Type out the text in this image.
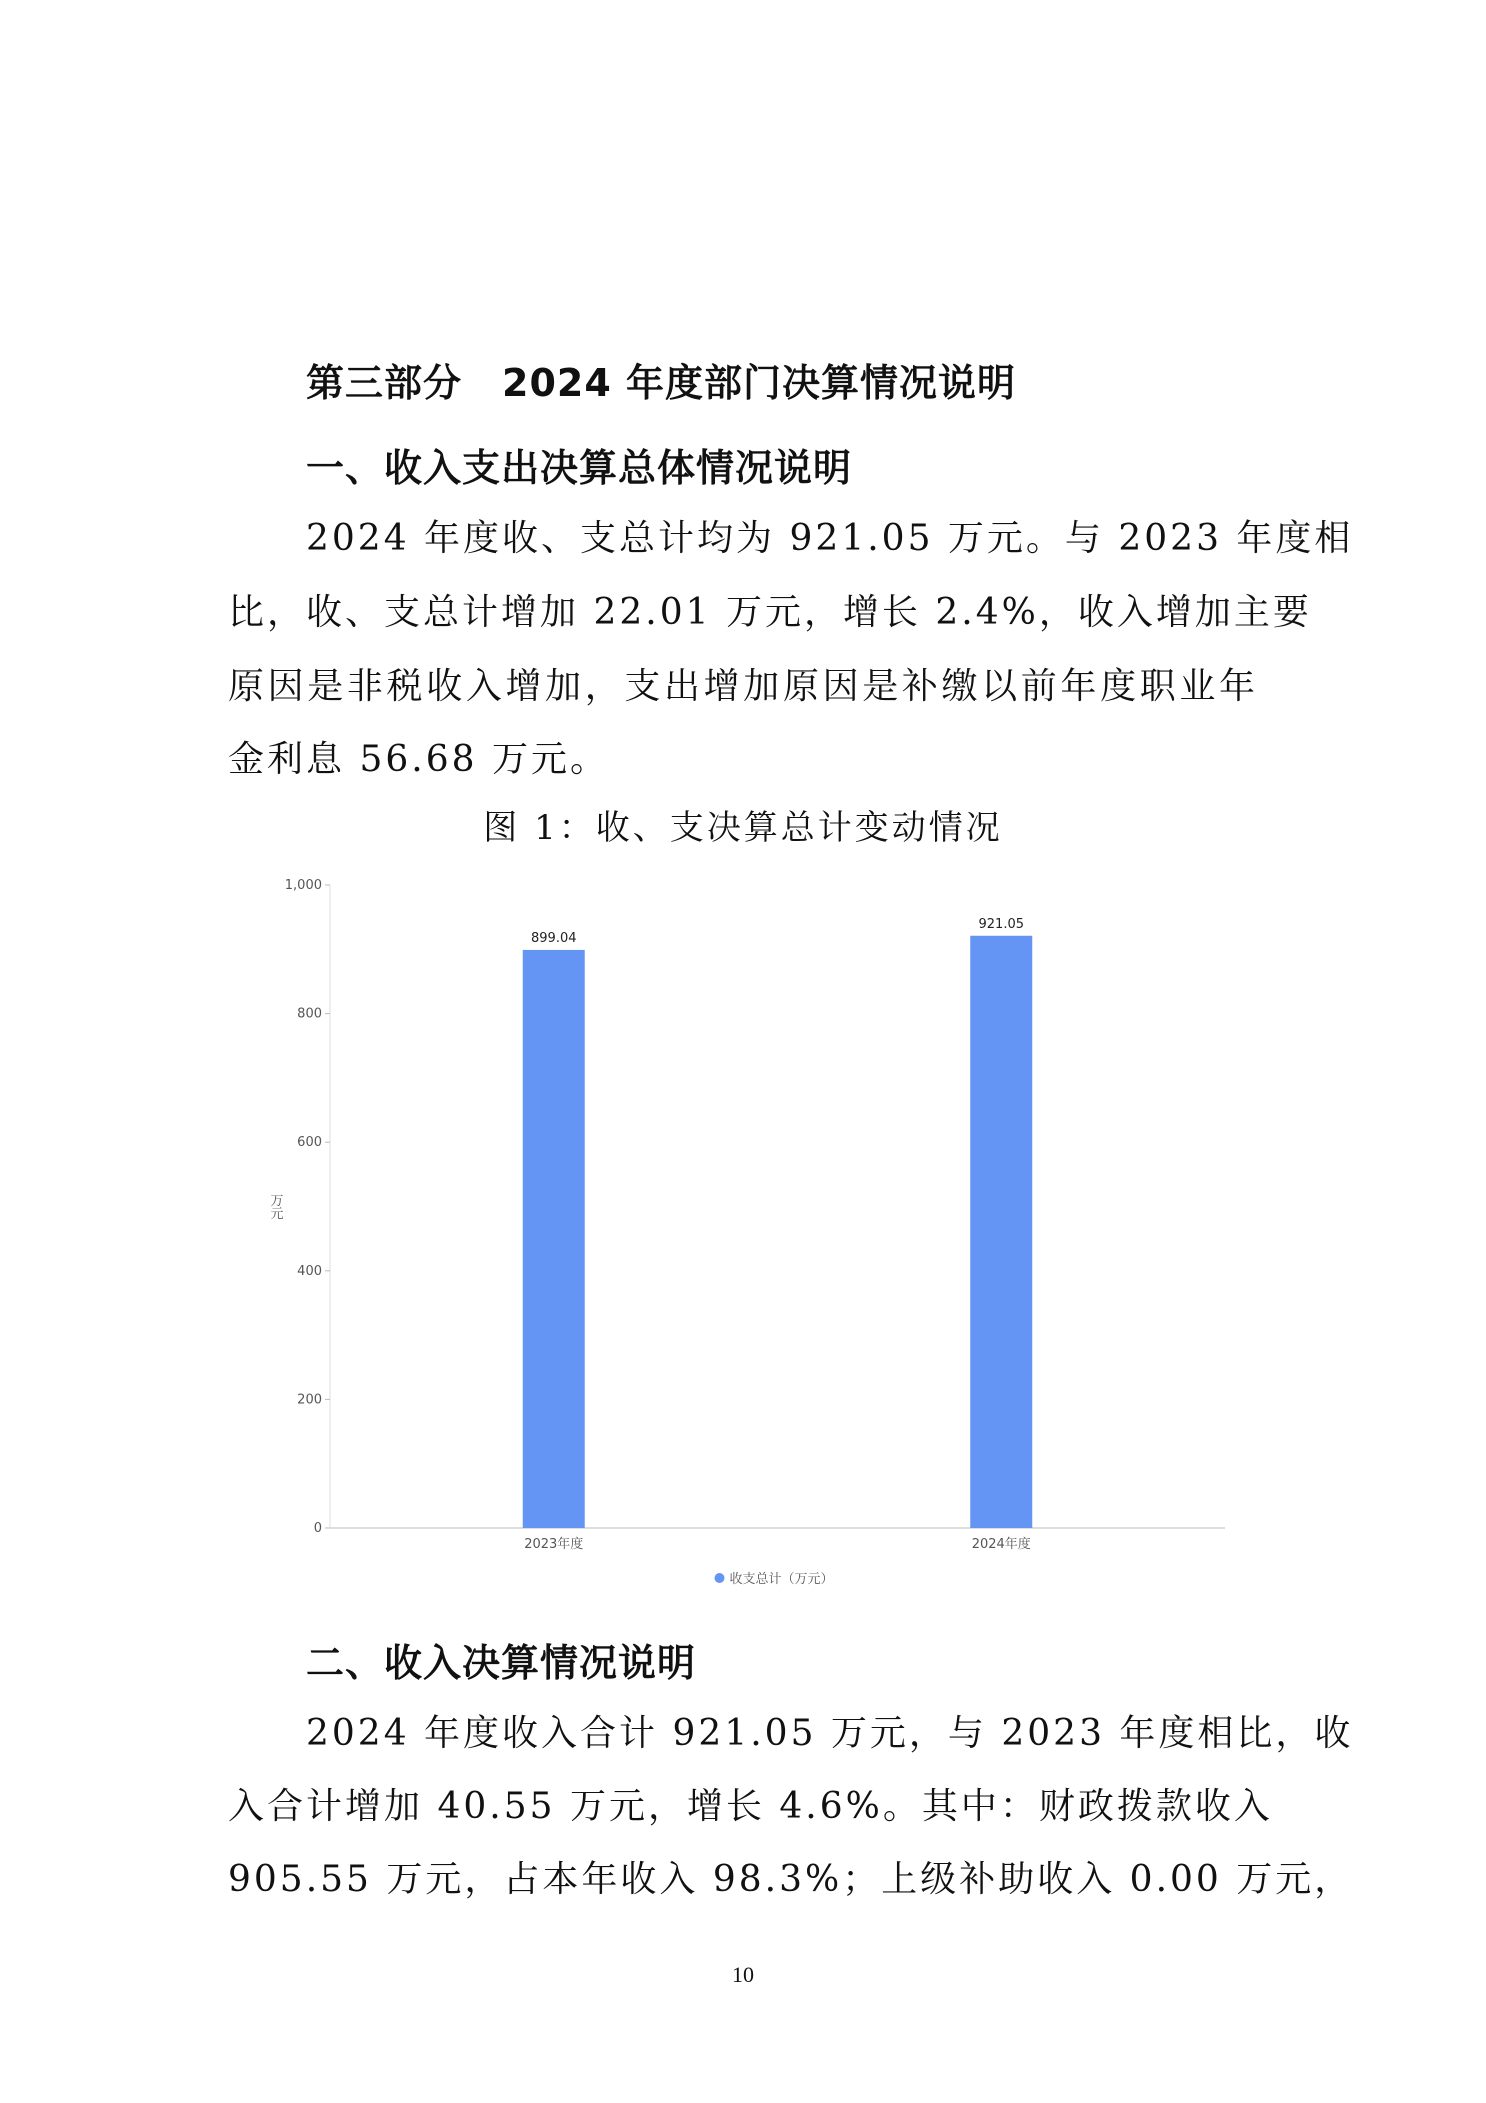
第三部分 2024 年度部门决算情况说明
一、收入支出决算总体情况说明
2024 年度收、支总计均为 921.05 万元。与 2023 年度相
比，收、支总计增加 22.01 万元，增长 2.4%，收入增加主要
原因是非税收入增加，支出增加原因是补缴以前年度职业年
金利息 56.68 万元。
图 1：收、支决算总计变动情况
0
200
400
600
800
1,000
2023年度	2024年度
899.04
921.05
万元
收支总计（万元）
二、收入决算情况说明
2024 年度收入合计 921.05 万元，与 2023 年度相比，收
入合计增加 40.55 万元，增长 4.6%。其中：财政拨款收入
905.55 万元，占本年收入 98.3%；上级补助收入 0.00 万元，
10
